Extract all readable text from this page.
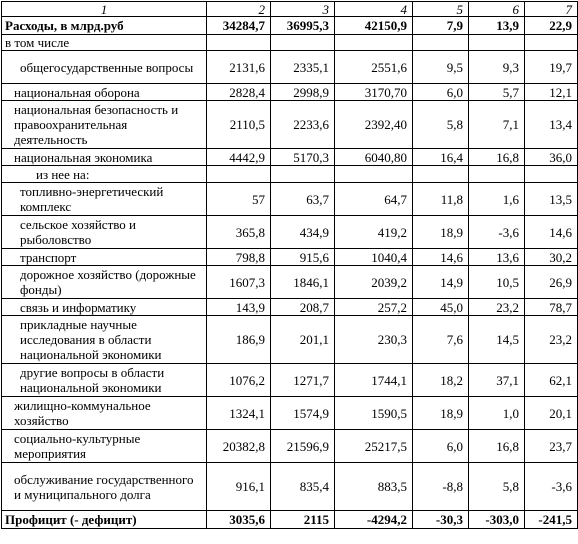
1	2	3	4	5	6	7
Расходы, в млрд.руб	34284,7	36995,3	42150,9	7,9	13,9	22,9
в том числе						
общегосударственные вопросы	2131,6	2335,1	2551,6	9,5	9,3	19,7
национальная оборона	2828,4	2998,9	3170,70	6,0	5,7	12,1
национальная безопасность и правоохранительная деятельность	2110,5	2233,6	2392,40	5,8	7,1	13,4
национальная экономика	4442,9	5170,3	6040,80	16,4	16,8	36,0
из нее на:						
топливно-энергетический комплекс	57	63,7	64,7	11,8	1,6	13,5
сельское хозяйство и рыболовство	365,8	434,9	419,2	18,9	-3,6	14,6
транспорт	798,8	915,6	1040,4	14,6	13,6	30,2
дорожное хозяйство (дорожные фонды)	1607,3	1846,1	2039,2	14,9	10,5	26,9
связь и информатику	143,9	208,7	257,2	45,0	23,2	78,7
прикладные научные исследования в области национальной экономики	186,9	201,1	230,3	7,6	14,5	23,2
другие вопросы в области национальной экономики	1076,2	1271,7	1744,1	18,2	37,1	62,1
жилищно-коммунальное хозяйство	1324,1	1574,9	1590,5	18,9	1,0	20,1
социально-культурные мероприятия	20382,8	21596,9	25217,5	6,0	16,8	23,7
обслуживание государственного и муниципального долга	916,1	835,4	883,5	-8,8	5,8	-3,6
Профицит (- дефицит)	3035,6	2115	-4294,2	-30,3	-303,0	-241,5
